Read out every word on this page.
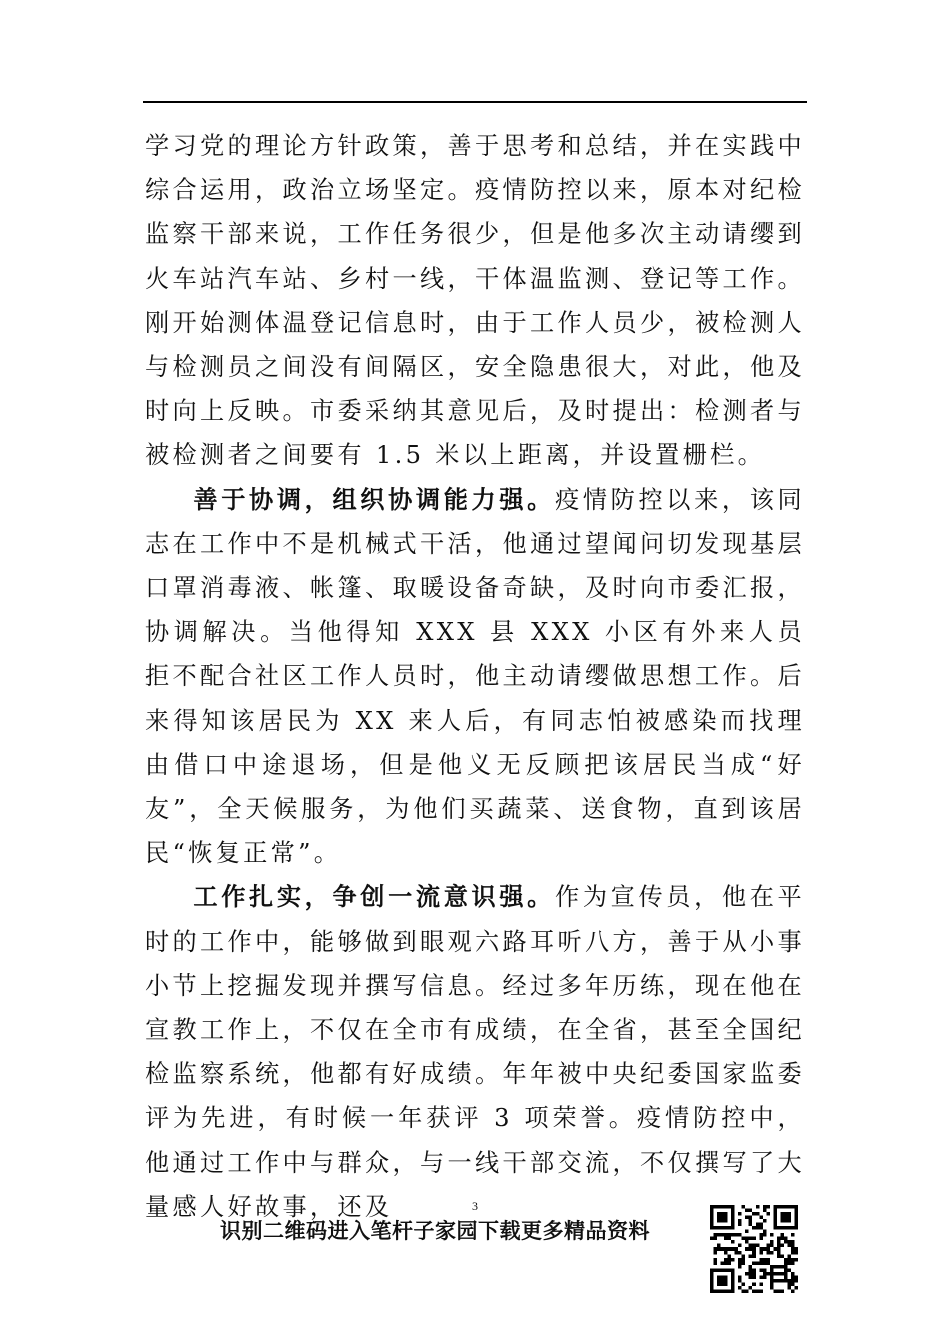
学习党的理论方针政策，善于思考和总结，并在实践中综合运用，政治立场坚定。疫情防控以来，原本对纪检监察干部来说，工作任务很少，但是他多次主动请缨到火车站汽车站、乡村一线，干体温监测、登记等工作。刚开始测体温登记信息时，由于工作人员少，被检测人与检测员之间没有间隔区，安全隐患很大，对此，他及时向上反映。市委采纳其意见后，及时提出：检测者与被检测者之间要有 1.5 米以上距离，并设置栅栏。

善于协调，组织协调能力强。疫情防控以来，该同志在工作中不是机械式干活，他通过望闻问切发现基层口罩消毒液、帐篷、取暖设备奇缺，及时向市委汇报，协调解决。当他得知 XXX 县 XXX 小区有外来人员拒不配合社区工作人员时，他主动请缨做思想工作。后来得知该居民为 XX 来人后，有同志怕被感染而找理由借口中途退场，但是他义无反顾把该居民当成“好友”，全天候服务，为他们买蔬菜、送食物，直到该居民“恢复正常”。

工作扎实，争创一流意识强。作为宣传员，他在平时的工作中，能够做到眼观六路耳听八方，善于从小事小节上挖掘发现并撰写信息。经过多年历练，现在他在宣教工作上，不仅在全市有成绩，在全省，甚至全国纪检监察系统，他都有好成绩。年年被中央纪委国家监委评为先进，有时候一年获评 3 项荣誉。疫情防控中，他通过工作中与群众，与一线干部交流，不仅撰写了大量感人好故事，还及	3
识别二维码进入笔杆子家园下载更多精品资料
